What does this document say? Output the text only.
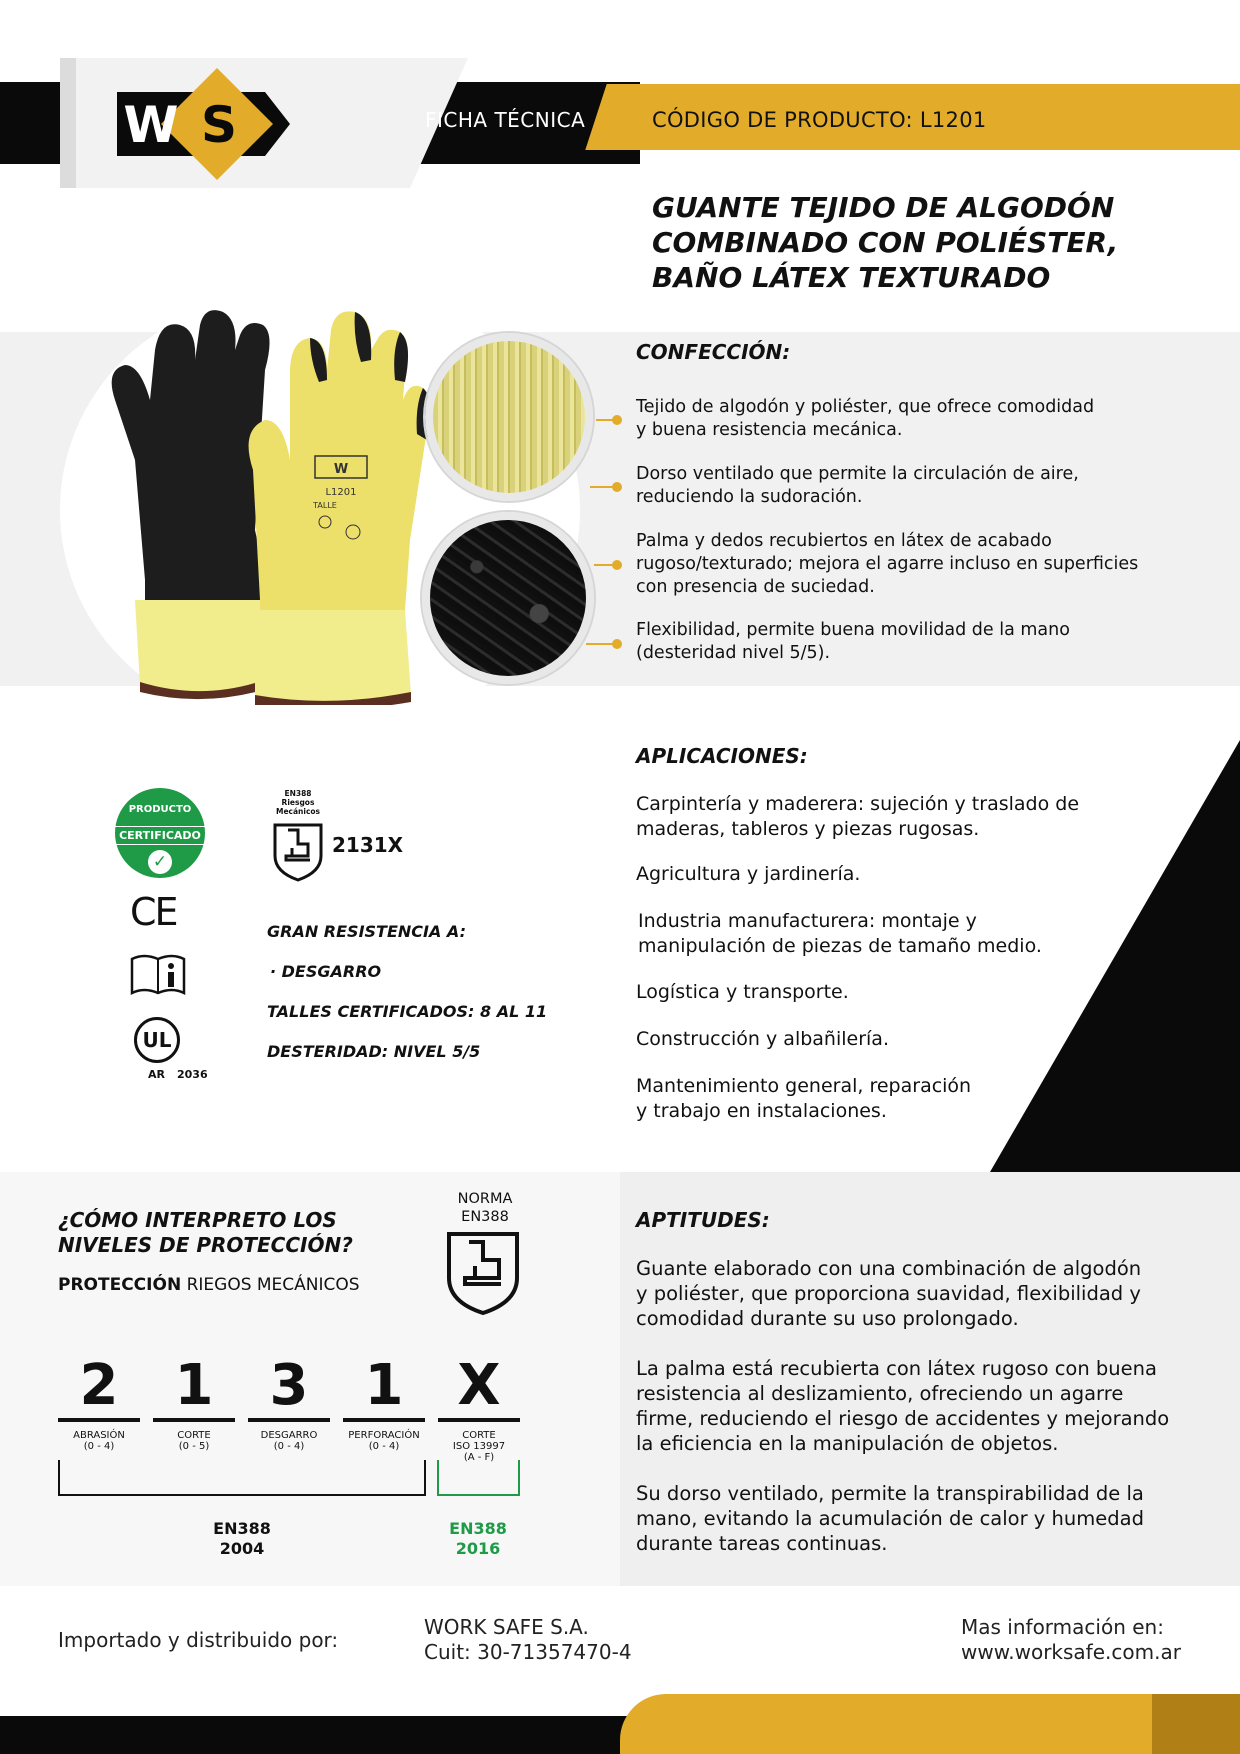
W S	FICHA TÉCNICA	CÓDIGO DE PRODUCTO: L1201
GUANTE TEJIDO DE ALGODÓN
COMBINADO CON POLIÉSTER,
BAÑO LÁTEX TEXTURADO
W
L1201
TALLE
CONFECCIÓN:
Tejido de algodón y poliéster, que ofrece comodidad
y buena resistencia mecánica.
Dorso ventilado que permite la circulación de aire,
reduciendo la sudoración.
Palma y dedos recubiertos en látex de acabado
rugoso/texturado; mejora el agarre incluso en superficies
con presencia de suciedad.
Flexibilidad, permite buena movilidad de la mano
(desteridad nivel 5/5).
PRODUCTO
CERTIFICADO
✓
CE
UL
AR 2036
EN388
Riesgos
Mecánicos
2131X
GRAN RESISTENCIA A:
· DESGARRO
TALLES CERTIFICADOS: 8 AL 11
DESTERIDAD: NIVEL 5/5
APLICACIONES:
Carpintería y maderera: sujeción y traslado de
maderas, tableros y piezas rugosas.
Agricultura y jardinería.
Industria manufacturera: montaje y
manipulación de piezas de tamaño medio.
Logística y transporte.
Construcción y albañilería.
Mantenimiento general, reparación
y trabajo en instalaciones.
¿CÓMO INTERPRETO LOS
NIVELES DE PROTECCIÓN?
PROTECCIÓN RIEGOS MECÁNICOS
NORMA
EN388
2
ABRASIÓN
(0 - 4)
1
CORTE
(0 - 5)
3
DESGARRO
(0 - 4)
1
PERFORACIÓN
(0 - 4)
X
CORTE
ISO 13997
(A - F)
EN388
2004
EN388
2016
APTITUDES:
Guante elaborado con una combinación de algodón
y poliéster, que proporciona suavidad, flexibilidad y
comodidad durante su uso prolongado.
La palma está recubierta con látex rugoso con buena
resistencia al deslizamiento, ofreciendo un agarre
firme, reduciendo el riesgo de accidentes y mejorando
la eficiencia en la manipulación de objetos.
Su dorso ventilado, permite la transpirabilidad de la
mano, evitando la acumulación de calor y humedad
durante tareas continuas.
Importado y distribuido por:
WORK SAFE S.A.
Cuit: 30-71357470-4
Mas información en:
www.worksafe.com.ar
